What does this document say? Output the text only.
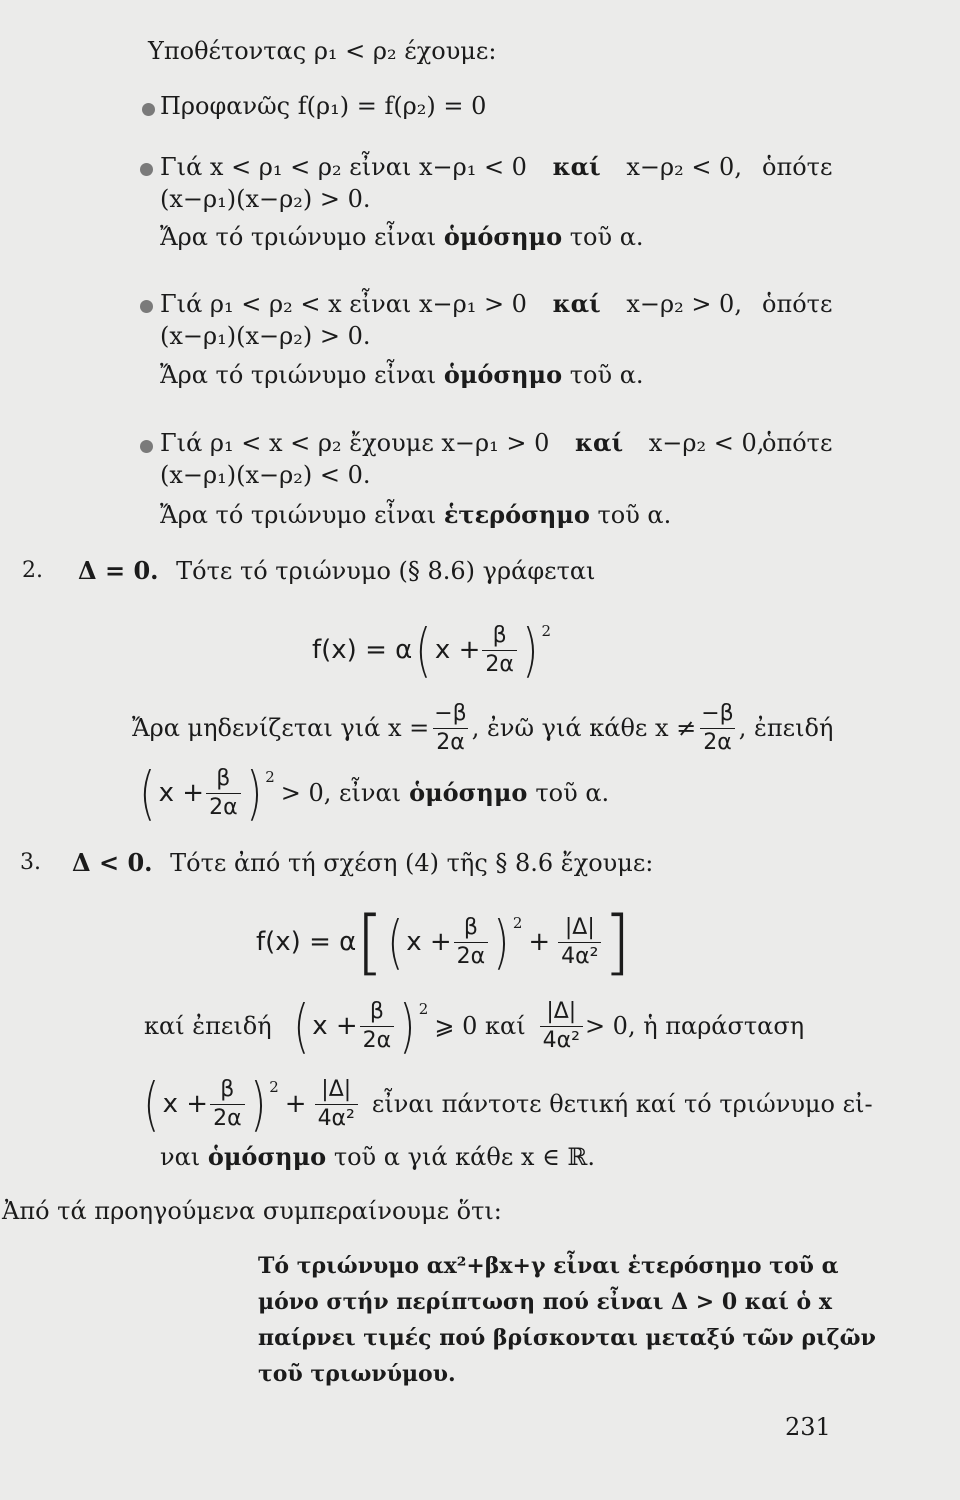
Υποθέτοντας ρ₁ < ρ₂ έχουμε:
Προφανῶς f(ρ₁) = f(ρ₂) = 0
Γιά x < ρ₁ < ρ₂ εἶναι x−ρ₁ < 0 καί x−ρ₂ < 0, ὁπότε
(x−ρ₁)(x−ρ₂) > 0.
Ἄρα τό τριώνυμο εἶναι ὁμόσημο τοῦ α.
Γιά ρ₁ < ρ₂ < x εἶναι x−ρ₁ > 0 καί x−ρ₂ > 0, ὁπότε
(x−ρ₁)(x−ρ₂) > 0.
Ἄρα τό τριώνυμο εἶναι ὁμόσημο τοῦ α.
Γιά ρ₁ < x < ρ₂ ἔχουμε x−ρ₁ > 0 καί x−ρ₂ < 0,
ὁπότε
(x−ρ₁)(x−ρ₂) < 0.
Ἄρα τό τριώνυμο εἶναι ἑτερόσημο τοῦ α.
2. Δ = 0. Τότε τό τριώνυμο (§ 8.6) γράφεται
f(x) = α ( $x + \frac{\beta}{2\alpha} )^2$
Ἄρα μηδενίζεται γιά $x = \frac{-\beta}{2\alpha}$ , ἐνῶ γιά κάθε $x \ne \frac{-\beta}{2\alpha}$ , ἐπειδή
( $x + \frac{\beta}{2\alpha} )^2$
> 0, εἶναι ὁμόσημο τοῦ α.
3. Δ < 0. Τότε ἀπό τή σχέση (4) τῆς § 8.6 ἔχουμε:
f(x) = α [ ( $x + \frac{\beta}{2\alpha} )^2$
+ $\frac{|\Delta|}{\text{4α²}}$ ]
καί ἐπειδή ( $x + \frac{\beta}{2\alpha} )^2$
⩾ 0 καί $\frac{|\Delta|}{\text{4α²}} > 0$, ἡ παράσταση
( $x + \frac{\beta}{2\alpha} )^2$
+ $\frac{|\Delta|}{\text{4α²}}$ εἶναι πάντοτε θετική καί τό τριώνυμο εἰ-
ναι ὁμόσημο τοῦ α γιά κάθε x ∈ ℝ.
Ἀπό τά προηγούμενα συμπεραίνουμε ὅτι:
Τό τριώνυμο αx²+βx+γ εἶναι ἑτερόσημο τοῦ α
μόνο στήν περίπτωση πού εἶναι Δ > 0 καί ὁ x
παίρνει τιμές πού βρίσκονται μεταξύ τῶν ριζῶν
τοῦ τριωνύμου.
231
